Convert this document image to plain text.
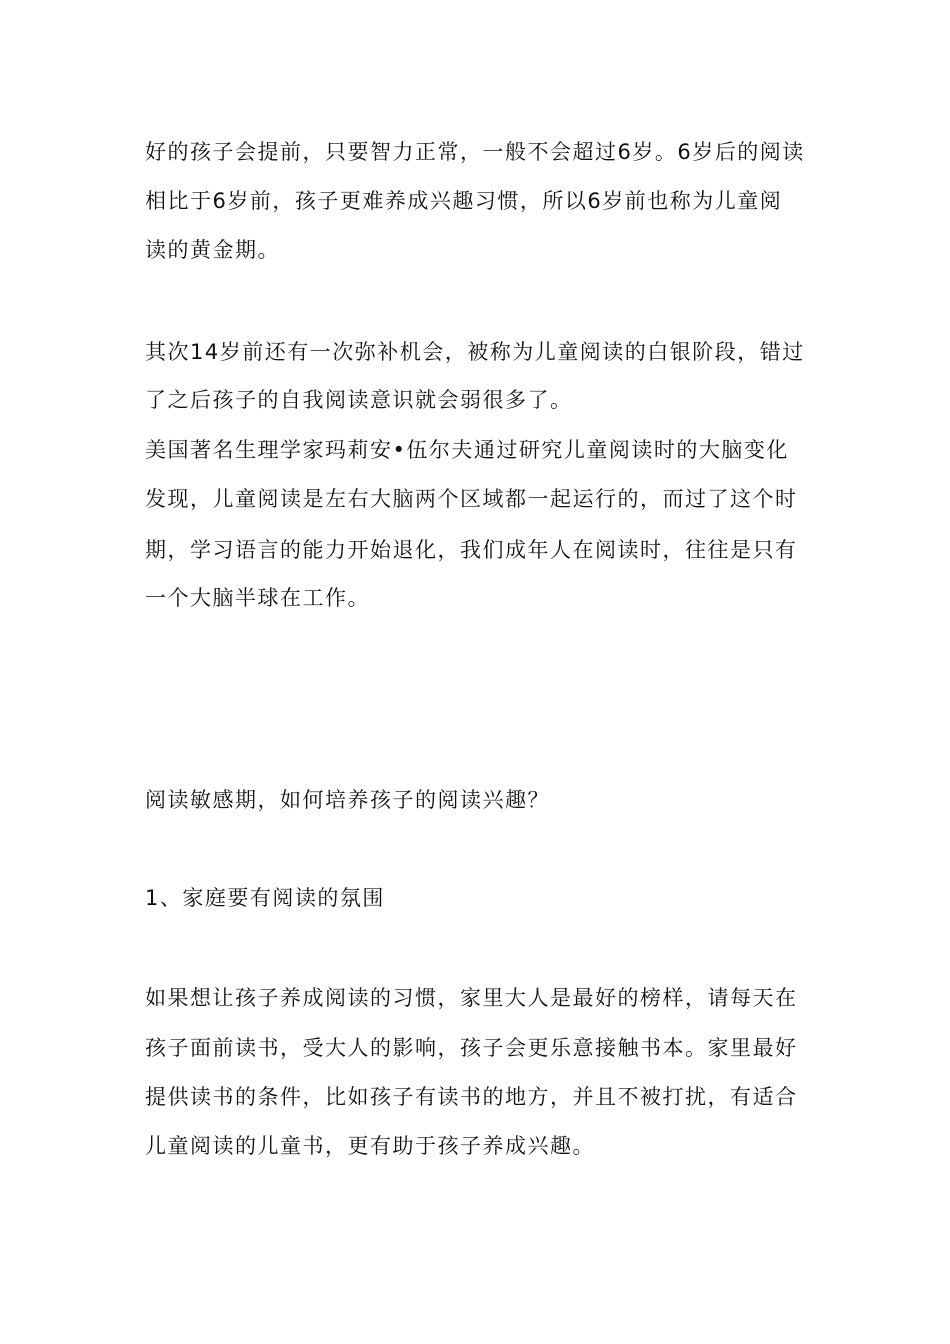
好的孩子会提前，只要智力正常，一般不会超过6岁。6岁后的阅读
相比于6岁前，孩子更难养成兴趣习惯，所以6岁前也称为儿童阅
读的黄金期。
其次14岁前还有一次弥补机会，被称为儿童阅读的白银阶段，错过
了之后孩子的自我阅读意识就会弱很多了。
美国著名生理学家玛莉安•伍尔夫通过研究儿童阅读时的大脑变化
发现，儿童阅读是左右大脑两个区域都一起运行的，而过了这个时
期，学习语言的能力开始退化，我们成年人在阅读时，往往是只有
一个大脑半球在工作。
阅读敏感期，如何培养孩子的阅读兴趣？
1、家庭要有阅读的氛围
如果想让孩子养成阅读的习惯，家里大人是最好的榜样，请每天在
孩子面前读书，受大人的影响，孩子会更乐意接触书本。家里最好
提供读书的条件，比如孩子有读书的地方，并且不被打扰，有适合
儿童阅读的儿童书，更有助于孩子养成兴趣。
